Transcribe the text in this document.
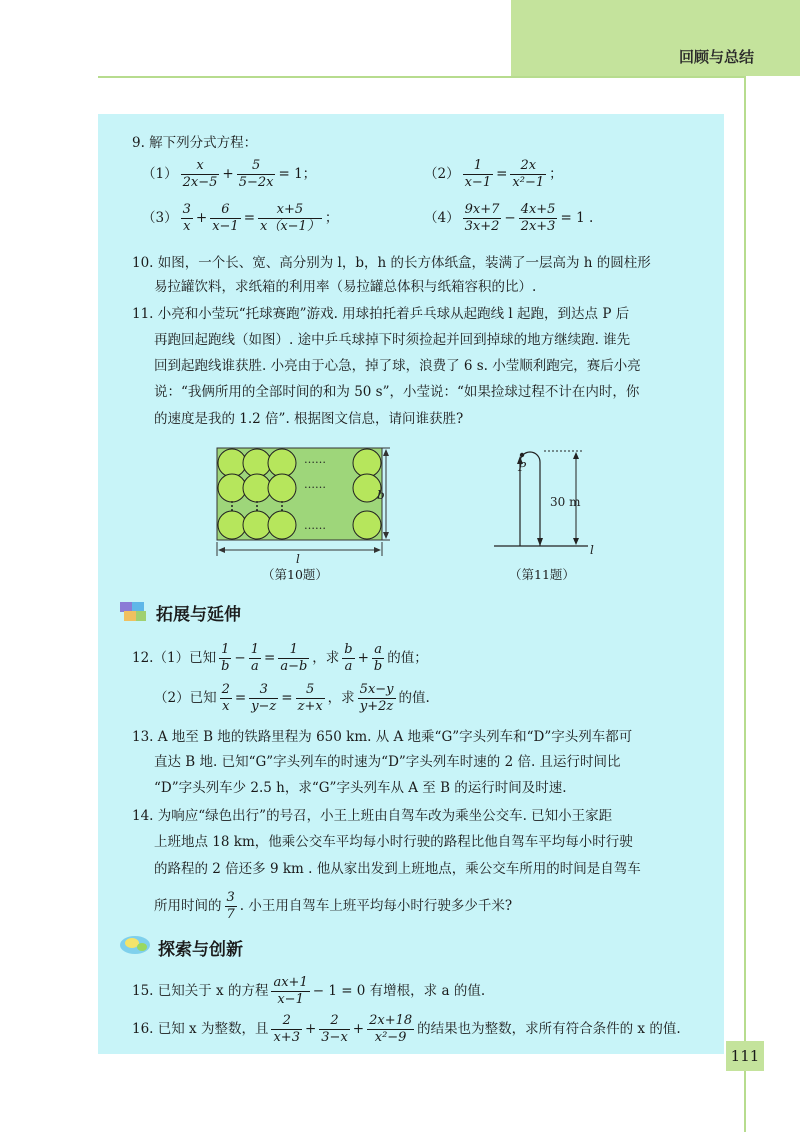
回顾与总结
9. 解下列分式方程：
$(1) \frac{x}{2x-5} + \frac{5}{5-2x} = 1$；	$(2) \frac{1}{x-1} = \frac{2x}{\text{x²−1}}$ ；
$(3) \frac{3}{x} + \frac{6}{x-1} = \frac{x+5}{x(x-1)}$ ；	$(4) \frac{9x+7}{3x+2} - \frac{4x+5}{2x+3} = 1$ .
10. 如图，一个长、宽、高分别为 l，b，h 的长方体纸盒，装满了一层高为 h 的圆柱形
易拉罐饮料，求纸箱的利用率（易拉罐总体积与纸箱容积的比）.
11. 小亮和小莹玩“托球赛跑”游戏. 用球拍托着乒乓球从起跑线 l 起跑，到达点 P 后
再跑回起跑线（如图）. 途中乒乓球掉下时须捡起并回到掉球的地方继续跑. 谁先
回到起跑线谁获胜. 小亮由于心急，掉了球，浪费了 6 s. 小莹顺利跑完，赛后小亮
说：“我俩所用的全部时间的和为 50 s”，小莹说：“如果捡球过程不计在内时，你
的速度是我的 1.2 倍”. 根据图文信息，请问谁获胜?
……
……
……
b
l
（第10题）
P
l
30 m
（第11题）
拓展与延伸
12.（1）已知 $\frac{1}{b} - \frac{1}{a} = \frac{1}{a-b}$ ，求 $\frac{b}{a} + \frac{a}{b}$ 的值；
（2）已知 $\frac{2}{x} = \frac{3}{y-z} = \frac{5}{z+x}$ ，求 $\frac{5x-y}{y+2z}$ 的值.
13. A 地至 B 地的铁路里程为 650 km. 从 A 地乘“G”字头列车和“D”字头列车都可
直达 B 地. 已知“G”字头列车的时速为“D”字头列车时速的 2 倍. 且运行时间比
“D”字头列车少 2.5 h，求“G”字头列车从 A 至 B 的运行时间及时速.
14. 为响应“绿色出行”的号召，小王上班由自驾车改为乘坐公交车. 已知小王家距
上班地点 18 km，他乘公交车平均每小时行驶的路程比他自驾车平均每小时行驶
的路程的 2 倍还多 9 km . 他从家出发到上班地点，乘公交车所用的时间是自驾车
所用时间的 $\frac{3}{7}$ . 小王用自驾车上班平均每小时行驶多少千米?
探索与创新
15. 已知关于 x 的方程 $\frac{ax+1}{x-1} - 1 = 0$ 有增根，求 a 的值.
16. 已知 x 为整数，且 $\frac{2}{x+3} + \frac{2}{3-x} + \frac{2x+18}{\text{x²−9}}$ 的结果也为整数，求所有符合条件的 x 的值.
111
